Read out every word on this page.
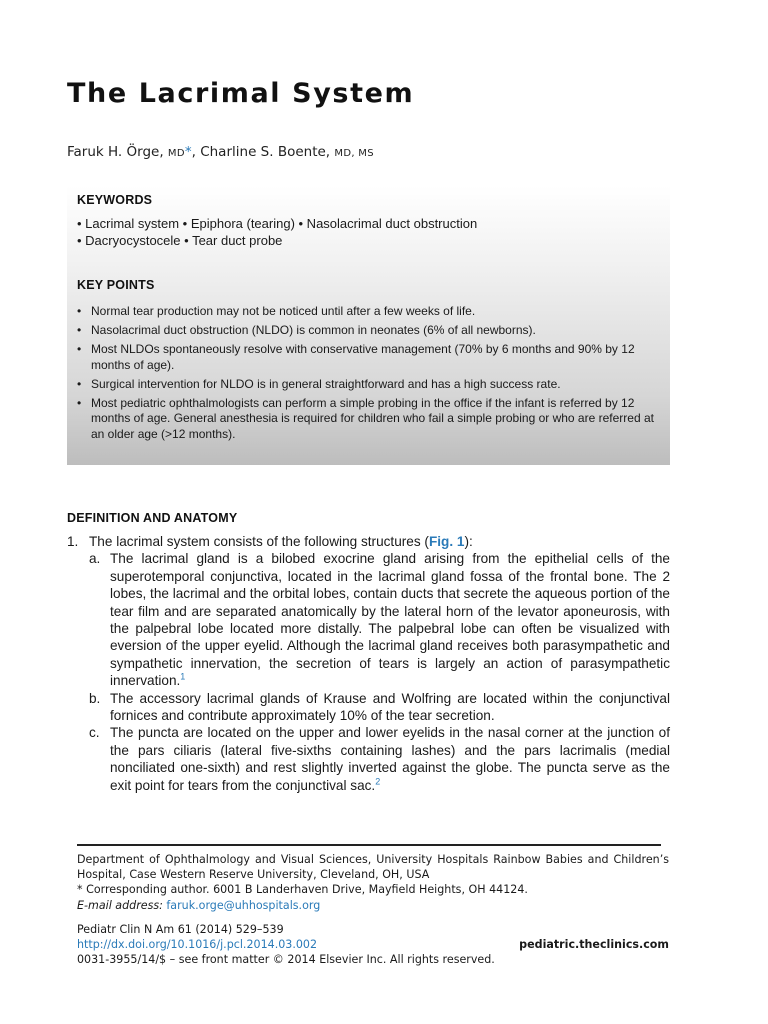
The Lacrimal System
Faruk H. Örge, MD*, Charline S. Boente, MD, MS
KEYWORDS
• Lacrimal system • Epiphora (tearing) • Nasolacrimal duct obstruction
• Dacryocystocele • Tear duct probe
KEY POINTS
• Normal tear production may not be noticed until after a few weeks of life.
• Nasolacrimal duct obstruction (NLDO) is common in neonates (6% of all newborns).
• Most NLDOs spontaneously resolve with conservative management (70% by 6 months and 90% by 12 months of age).
• Surgical intervention for NLDO is in general straightforward and has a high success rate.
• Most pediatric ophthalmologists can perform a simple probing in the office if the infant is referred by 12 months of age. General anesthesia is required for children who fail a simple probing or who are referred at an older age (>12 months).
DEFINITION AND ANATOMY
1. The lacrimal system consists of the following structures (Fig. 1):
a. The lacrimal gland is a bilobed exocrine gland arising from the epithelial cells of the superotemporal conjunctiva, located in the lacrimal gland fossa of the frontal bone. The 2 lobes, the lacrimal and the orbital lobes, contain ducts that secrete the aqueous portion of the tear film and are separated anatomically by the lateral horn of the levator aponeurosis, with the palpebral lobe located more distally. The palpebral lobe can often be visualized with eversion of the upper eyelid. Although the lacrimal gland receives both parasympathetic and sympathetic innervation, the secretion of tears is largely an action of parasympathetic innervation.$^1$
b. The accessory lacrimal glands of Krause and Wolfring are located within the conjunctival fornices and contribute approximately 10% of the tear secretion.
c. The puncta are located on the upper and lower eyelids in the nasal corner at the junction of the pars ciliaris (lateral five-sixths containing lashes) and the pars lacrimalis (medial nonciliated one-sixth) and rest slightly inverted against the globe. The puncta serve as the exit point for tears from the conjunctival sac.$^2$
Department of Ophthalmology and Visual Sciences, University Hospitals Rainbow Babies and Children’s Hospital, Case Western Reserve University, Cleveland, OH, USA
* Corresponding author. 6001 B Landerhaven Drive, Mayfield Heights, OH 44124.
E-mail address: faruk.orge@uhhospitals.org
Pediatr Clin N Am 61 (2014) 529–539
http://dx.doi.org/10.1016/j.pcl.2014.03.002	pediatric.theclinics.com
0031-3955/14/$ – see front matter © 2014 Elsevier Inc. All rights reserved.
